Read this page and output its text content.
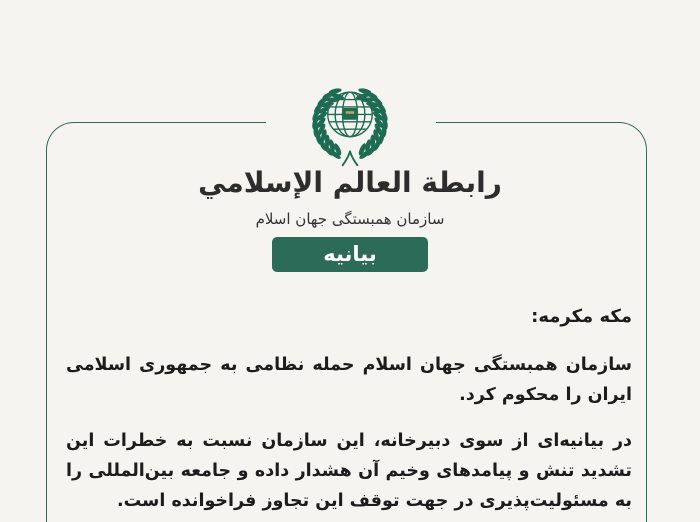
رابطة العالم الإسلامي
سازمان همبستگی جهان اسلام
بیانیه
مكه مكرمه:

سازمان همبستگی جهان اسلام حمله نظامی به جمهوری اسلامی ایران را محکوم کرد.

در بیانیه‌ای از سوی دبیرخانه، این سازمان نسبت به خطرات این تشدید تنش و پیامدهای وخیم آن هشدار داده و جامعه بین‌المللی را به مسئولیت‌پذیری در جهت توقف این تجاوز فراخوانده است.
